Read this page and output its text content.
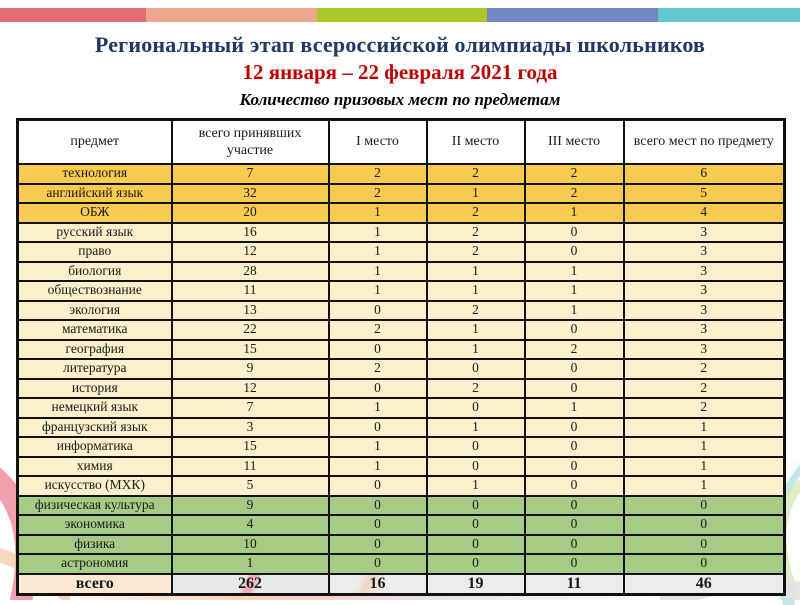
Региональный этап всероссийской олимпиады школьников
12 января – 22 февраля 2021 года
Количество призовых мест по предметам
предмет	всего принявших участие	I место	II место	III место	всего мест по предмету
технология	7	2	2	2	6
английский язык	32	2	1	2	5
ОБЖ	20	1	2	1	4
русский язык	16	1	2	0	3
право	12	1	2	0	3
биология	28	1	1	1	3
обществознание	11	1	1	1	3
экология	13	0	2	1	3
математика	22	2	1	0	3
география	15	0	1	2	3
литература	9	2	0	0	2
история	12	0	2	0	2
немецкий язык	7	1	0	1	2
французский язык	3	0	1	0	1
информатика	15	1	0	0	1
химия	11	1	0	0	1
искусство (МХК)	5	0	1	0	1
физическая культура	9	0	0	0	0
экономика	4	0	0	0	0
физика	10	0	0	0	0
астрономия	1	0	0	0	0
всего	262	16	19	11	46
